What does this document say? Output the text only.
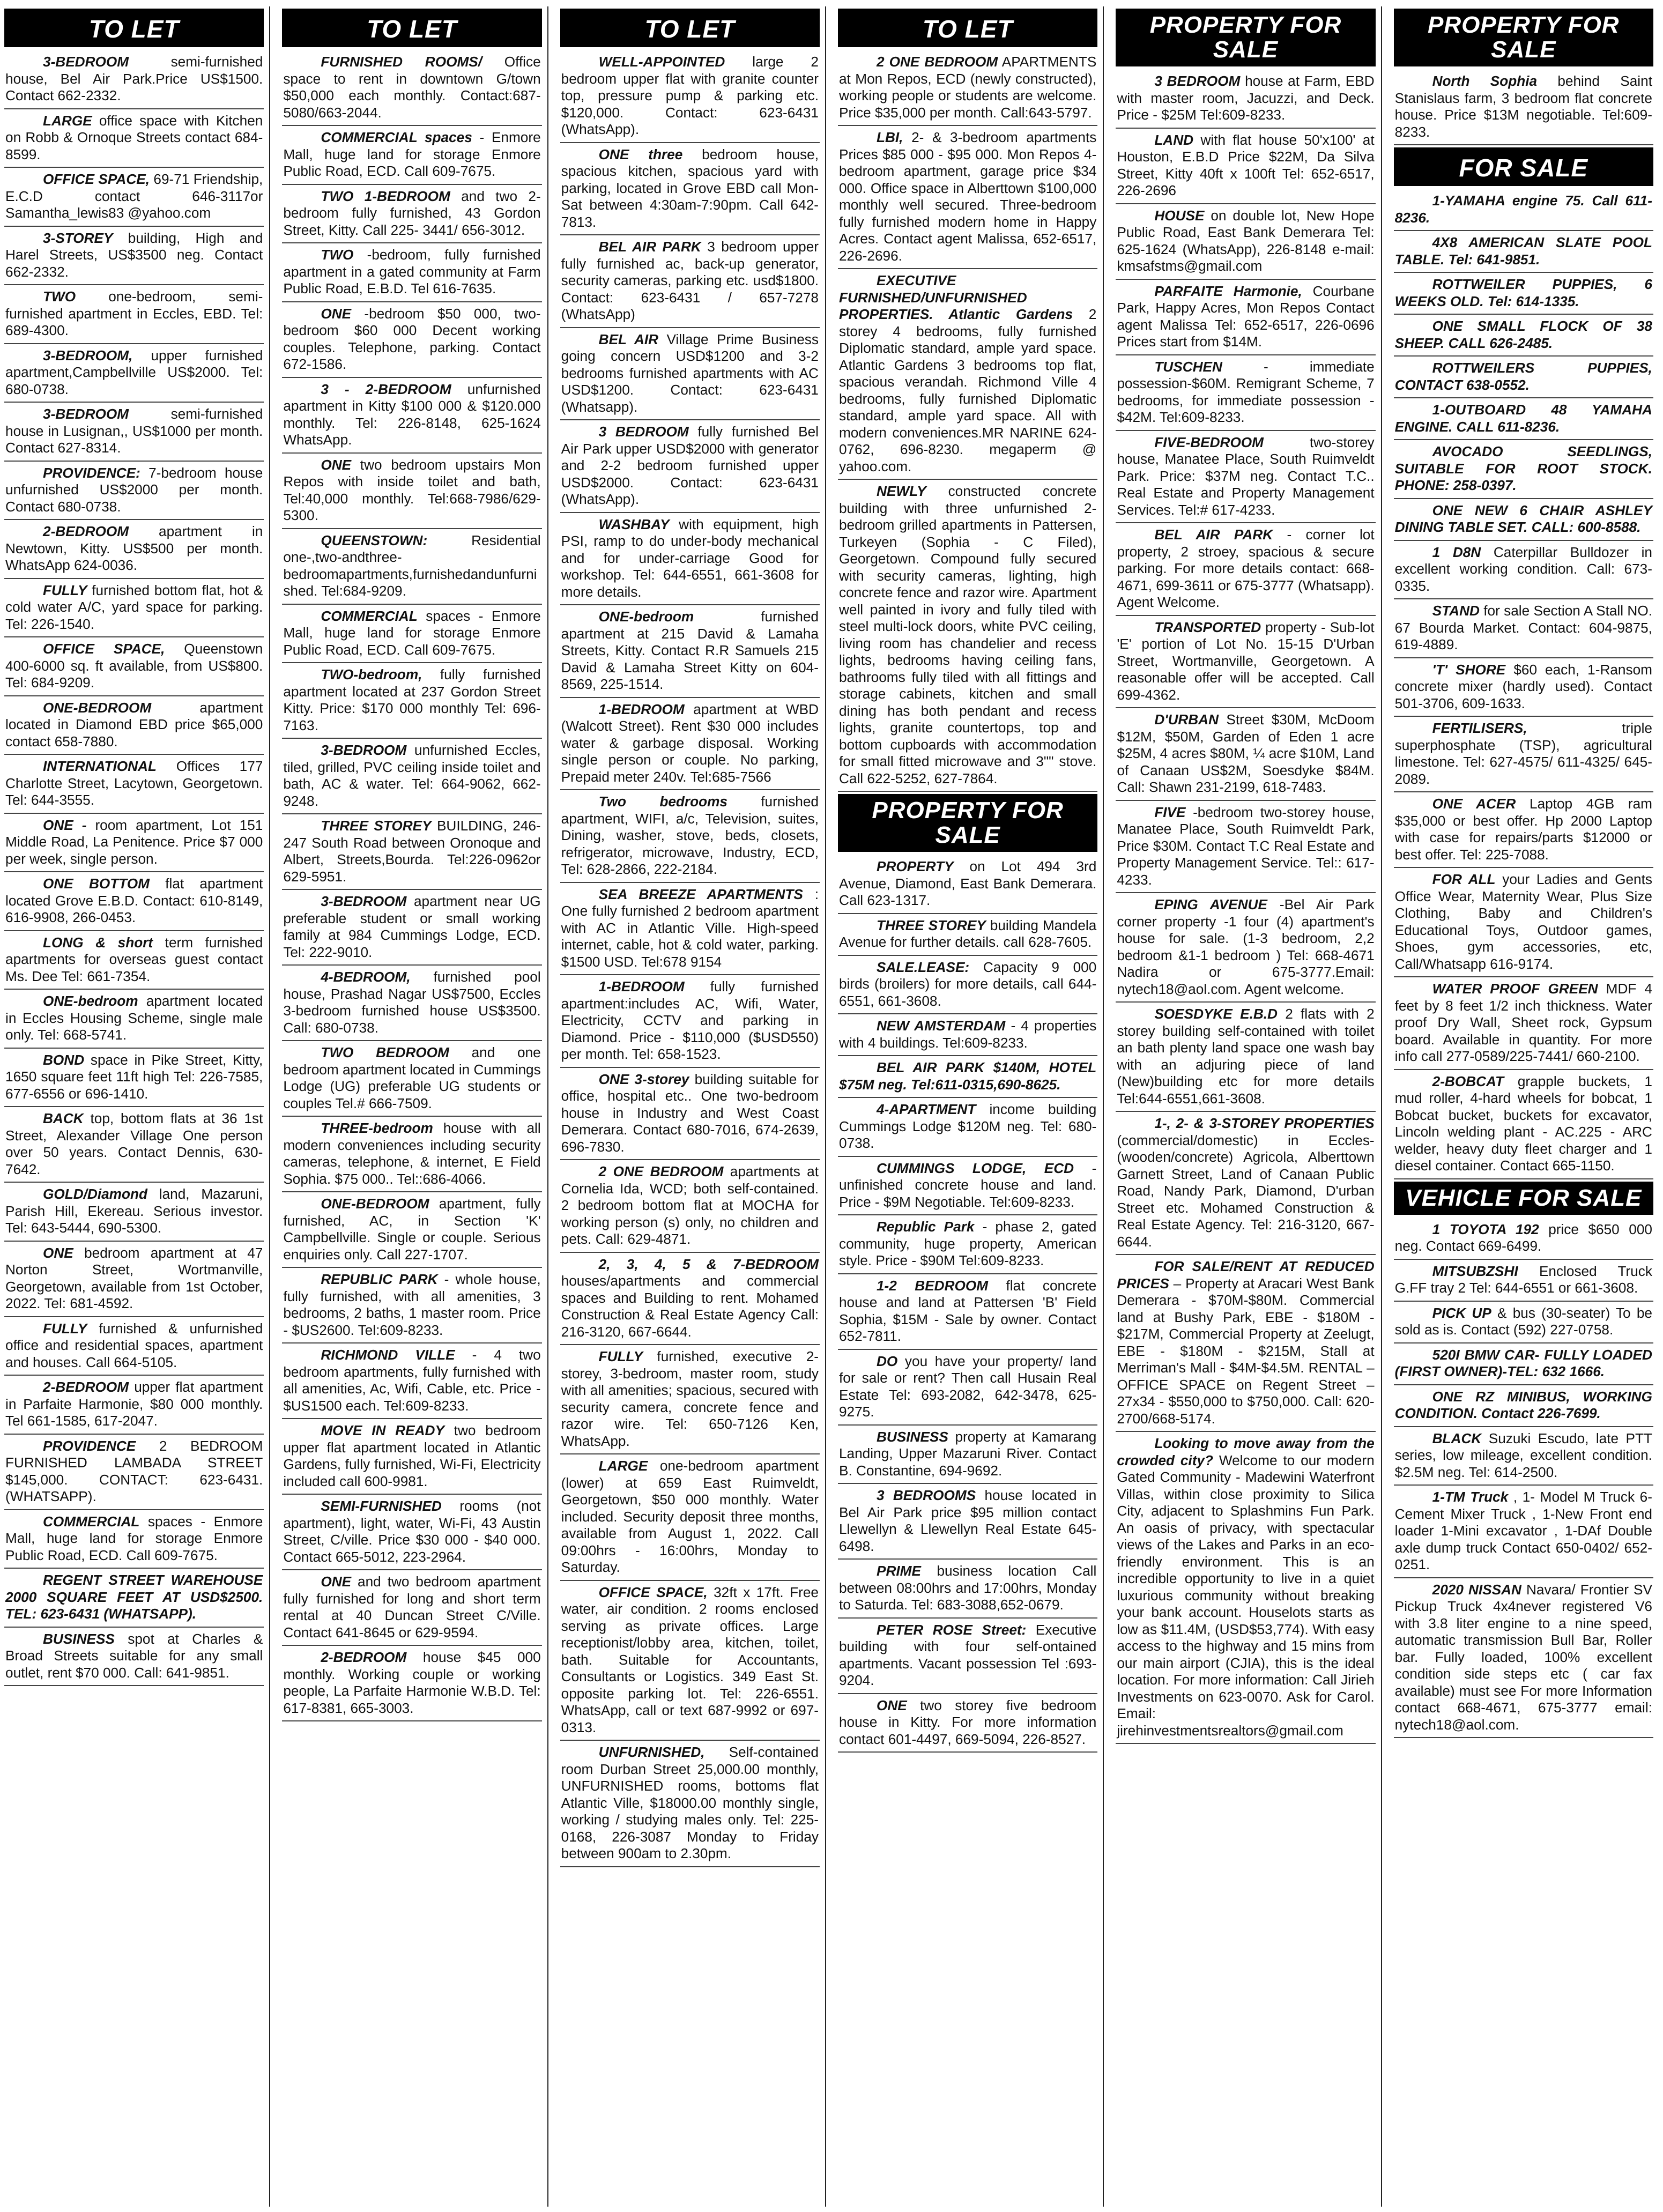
TO LET
3-BEDROOM	semi-furnished house, Bel Air Park.Price US$1500. Contact 662-2332.
LARGE office space with Kitchen on Robb & Ornoque Streets contact 684-8599.
OFFICE SPACE, 69-71 Friendship, E.C.D contact 646-3117or Samantha_lewis83 @yahoo.com
3-STOREY building, High and Harel Streets, US$3500 neg. Contact 662-2332.
TWO one-bedroom, semi-furnished apartment in Eccles, EBD. Tel: 689-4300.
3-BEDROOM, upper furnished apartment,Campbellville US$2000. Tel: 680-0738.
3-BEDROOM	semi-furnished house in Lusignan,, US$1000 per month. Contact 627-8314.
PROVIDENCE: 7-bedroom house unfurnished US$2000 per month. Contact 680-0738.
2-BEDROOM apartment in Newtown, Kitty. US$500 per month. WhatsApp 624-0036.
FULLY furnished bottom flat, hot & cold water A/C, yard space for parking. Tel: 226-1540.
OFFICE SPACE, Queenstown 400-6000 sq. ft available, from US$800. Tel: 684-9209.
ONE-BEDROOM	apartment located in Diamond EBD price $65,000 contact 658-7880.
INTERNATIONAL Offices 177 Charlotte Street, Lacytown, Georgetown. Tel: 644-3555.
ONE - room apartment, Lot 151 Middle Road, La Penitence. Price $7 000 per week, single person.
ONE BOTTOM flat apartment located Grove E.B.D. Contact: 610-8149, 616-9908, 266-0453.
LONG & short term furnished apartments for overseas guest contact Ms. Dee Tel: 661-7354.
ONE-bedroom apartment located in Eccles Housing Scheme, single male only. Tel: 668-5741.
BOND space in Pike Street, Kitty, 1650 square feet 11ft high Tel: 226-7585, 677-6556 or 696-1410.
BACK top, bottom flats at 36 1st Street, Alexander Village One person over 50 years. Contact Dennis, 630-7642.
GOLD/Diamond land, Mazaruni, Parish Hill, Ekereau. Serious investor. Tel: 643-5444, 690-5300.
ONE bedroom apartment at 47 Norton Street, Wortmanville, Georgetown, available from 1st October, 2022. Tel: 681-4592.
FULLY furnished & unfurnished office and residential spaces, apartment and houses. Call 664-5105.
2-BEDROOM upper flat apartment in Parfaite Harmonie, $80 000 monthly. Tel 661-1585, 617-2047.
PROVIDENCE 2 BEDROOM FURNISHED LAMBADA STREET $145,000. CONTACT: 623-6431. (WHATSAPP).
COMMERCIAL spaces - Enmore Mall, huge land for storage Enmore Public Road, ECD. Call 609-7675.
REGENT STREET WAREHOUSE 2000 SQUARE FEET AT USD$2500. TEL: 623-6431 (WHATSAPP).
BUSINESS spot at Charles & Broad Streets suitable for any small outlet, rent $70 000. Call: 641-9851.
TO LET
FURNISHED ROOMS/ Office space to rent in downtown G/town $50,000 each monthly. Contact:687-5080/663-2044.
COMMERCIAL spaces - Enmore Mall, huge land for storage Enmore Public Road, ECD. Call 609-7675.
TWO 1-BEDROOM and two 2-bedroom fully furnished, 43 Gordon Street, Kitty. Call 225- 3441/ 656-3012.
TWO -bedroom, fully furnished apartment in a gated community at Farm Public Road, E.B.D. Tel 616-7635.
ONE -bedroom $50 000, two-bedroom $60 000 Decent working couples. Telephone, parking. Contact 672-1586.
3 - 2-BEDROOM unfurnished apartment in Kitty $100 000 & $120.000 monthly. Tel: 226-8148, 625-1624 WhatsApp.
ONE two bedroom upstairs Mon Repos with inside toilet and bath, Tel:40,000 monthly. Tel:668-7986/629-5300.
QUEENSTOWN:	Residential one-,two-andthree-bedroomapartments,furnishedandunfurnished. Tel:684-9209.
COMMERCIAL spaces - Enmore Mall, huge land for storage Enmore Public Road, ECD. Call 609-7675.
TWO-bedroom, fully furnished apartment located at 237 Gordon Street Kitty. Price: $170 000 monthly Tel: 696-7163.
3-BEDROOM unfurnished Eccles, tiled, grilled, PVC ceiling inside toilet and bath, AC & water. Tel: 664-9062, 662-9248.
THREE STOREY BUILDING, 246-247 South Road between Oronoque and Albert, Streets,Bourda. Tel:226-0962or 629-5951.
3-BEDROOM apartment near UG preferable student or small working family at 984 Cummings Lodge, ECD. Tel: 222-9010.
4-BEDROOM, furnished pool house, Prashad Nagar US$7500, Eccles 3-bedroom furnished house US$3500. Call: 680-0738.
TWO BEDROOM and one bedroom apartment located in Cummings Lodge (UG) preferable UG students or couples Tel.# 666-7509.
THREE-bedroom house with all modern conveniences including security cameras, telephone, & internet, E Field Sophia. $75 000.. Tel::686-4066.
ONE-BEDROOM apartment, fully furnished, AC, in Section 'K' Campbellville. Single or couple. Serious enquiries only. Call 227-1707.
REPUBLIC PARK - whole house, fully furnished, with all amenities, 3 bedrooms, 2 baths, 1 master room. Price - $US2600. Tel:609-8233.
RICHMOND VILLE - 4 two bedroom apartments, fully furnished with all amenities, Ac, Wifi, Cable, etc. Price - $US1500 each. Tel:609-8233.
MOVE IN READY two bedroom upper flat apartment located in Atlantic Gardens, fully furnished, Wi-Fi, Electricity included call 600-9981.
SEMI-FURNISHED rooms (not apartment), light, water, Wi-Fi, 43 Austin Street, C/ville. Price $30 000 - $40 000. Contact 665-5012, 223-2964.
ONE and two bedroom apartment fully furnished for long and short term rental at 40 Duncan Street C/Ville. Contact 641-8645 or 629-9594.
2-BEDROOM house $45 000 monthly. Working couple or working people, La Parfaite Harmonie W.B.D. Tel: 617-8381, 665-3003.
TO LET
WELL-APPOINTED large 2 bedroom upper flat with granite counter top, pressure pump & parking etc. $120,000. Contact: 623-6431 (WhatsApp).
ONE three bedroom house, spacious kitchen, spacious yard with parking, located in Grove EBD call Mon-Sat between 4:30am-7:90pm. Call 642-7813.
BEL AIR PARK 3 bedroom upper fully furnished ac, back-up generator, security cameras, parking etc. usd$1800. Contact: 623-6431 / 657-7278 (WhatsApp)
BEL AIR Village Prime Business going concern USD$1200 and 3-2 bedrooms furnished apartments with AC USD$1200. Contact: 623-6431 (Whatsapp).
3 BEDROOM fully furnished Bel Air Park upper USD$2000 with generator and 2-2 bedroom furnished upper USD$2000. Contact: 623-6431 (WhatsApp).
WASHBAY with equipment, high PSI, ramp to do under-body mechanical and for under-carriage Good for workshop. Tel: 644-6551, 661-3608 for more details.
ONE-bedroom	furnished apartment at 215 David & Lamaha Streets, Kitty. Contact R.R Samuels 215 David & Lamaha Street Kitty on 604-8569, 225-1514.
1-BEDROOM apartment at WBD (Walcott Street). Rent $30 000 includes water & garbage disposal. Working single person or couple. No parking, Prepaid meter 240v. Tel:685-7566
Two bedrooms furnished apartment, WIFI, a/c, Television, suites, Dining, washer, stove, beds, closets, refrigerator, microwave, Industry, ECD, Tel: 628-2866, 222-2184.
SEA BREEZE APARTMENTS : One fully furnished 2 bedroom apartment with AC in Atlantic Ville. High-speed internet, cable, hot & cold water, parking. $1500 USD. Tel:678 9154
1-BEDROOM fully furnished apartment:includes AC, Wifi, Water, Electricity, CCTV and parking in Diamond. Price - $110,000 ($USD550) per month. Tel: 658-1523.
ONE 3-storey building suitable for office, hospital etc.. One two-bedroom house in Industry and West Coast Demerara. Contact 680-7016, 674-2639, 696-7830.
2 ONE BEDROOM apartments at Cornelia Ida, WCD; both self-contained. 2 bedroom bottom flat at MOCHA for working person (s) only, no children and pets. Call: 629-4871.
2, 3, 4, 5 & 7-BEDROOM houses/apartments and commercial spaces and Building to rent. Mohamed Construction & Real Estate Agency Call: 216-3120, 667-6644.
FULLY furnished, executive 2-storey, 3-bedroom, master room, study with all amenities; spacious, secured with security camera, concrete fence and razor wire. Tel: 650-7126 Ken, WhatsApp.
LARGE one-bedroom apartment (lower) at 659 East Ruimveldt, Georgetown, $50 000 monthly. Water included. Security deposit three months, available from August 1, 2022. Call 09:00hrs - 16:00hrs, Monday to Saturday.
OFFICE SPACE, 32ft x 17ft. Free water, air condition. 2 rooms enclosed serving as private offices. Large receptionist/lobby area, kitchen, toilet, bath. Suitable for Accountants, Consultants or Logistics. 349 East St. opposite parking lot. Tel: 226-6551. WhatsApp, call or text 687-9992 or 697-0313.
UNFURNISHED, Self-contained room Durban Street 25,000.00 monthly, UNFURNISHED rooms, bottoms flat Atlantic Ville, $18000.00 monthly single, working / studying males only. Tel: 225-0168, 226-3087 Monday to Friday between 900am to 2.30pm.
TO LET
2 ONE BEDROOM APARTMENTS at Mon Repos, ECD (newly constructed), working people or students are welcome. Price $35,000 per month. Call:643-5797.
LBI, 2- & 3-bedroom apartments Prices $85 000 - $95 000. Mon Repos 4-bedroom apartment, garage price $34 000. Office space in Alberttown $100,000 monthly well secured. Three-bedroom fully furnished modern home in Happy Acres. Contact agent Malissa, 652-6517, 226-2696.
EXECUTIVE FURNISHED/UNFURNISHED PROPERTIES. Atlantic Gardens 2 storey 4 bedrooms, fully furnished Diplomatic standard, ample yard space. Atlantic Gardens 3 bedrooms top flat, spacious verandah. Richmond Ville 4 bedrooms, fully furnished Diplomatic standard, ample yard space. All with modern conveniences.MR NARINE 624-0762, 696-8230. megaperm @ yahoo.com.
NEWLY constructed concrete building with three unfurnished 2-bedroom grilled apartments in Pattersen, Turkeyen (Sophia - C Filed), Georgetown. Compound fully secured with security cameras, lighting, high concrete fence and razor wire. Apartment well painted in ivory and fully tiled with steel multi-lock doors, white PVC ceiling, living room has chandelier and recess lights, bedrooms having ceiling fans, bathrooms fully tiled with all fittings and storage cabinets, kitchen and small dining has both pendant and recess lights, granite countertops, top and bottom cupboards with accommodation for small fitted microwave and 3"" stove. Call 622-5252, 627-7864.
PROPERTY FOR SALE
PROPERTY on Lot 494 3rd Avenue, Diamond, East Bank Demerara. Call 623-1317.
THREE STOREY building Mandela Avenue for further details. call 628-7605.
SALE.LEASE: Capacity 9 000 birds (broilers) for more details, call 644-6551, 661-3608.
NEW AMSTERDAM - 4 properties with 4 buildings. Tel:609-8233.
BEL AIR PARK $140M, HOTEL $75M neg. Tel:611-0315,690-8625.
4-APARTMENT income building Cummings Lodge $120M neg. Tel: 680-0738.
CUMMINGS LODGE, ECD - unfinished concrete house and land. Price - $9M Negotiable. Tel:609-8233.
Republic Park - phase 2, gated community, huge property, American style. Price - $90M Tel:609-8233.
1-2 BEDROOM flat concrete house and land at Pattersen 'B' Field Sophia, $15M - Sale by owner. Contact 652-7811.
DO you have your property/ land for sale or rent? Then call Husain Real Estate Tel: 693-2082, 642-3478, 625-9275.
BUSINESS property at Kamarang Landing, Upper Mazaruni River. Contact B. Constantine, 694-9692.
3 BEDROOMS house located in Bel Air Park price $95 million contact Llewellyn & Llewellyn Real Estate 645-6498.
PRIME business location Call between 08:00hrs and 17:00hrs, Monday to Saturda. Tel: 683-3088,652-0679.
PETER ROSE Street: Executive building with four self-ontained apartments. Vacant possession Tel :693-9204.
ONE two storey five bedroom house in Kitty. For more information contact 601-4497, 669-5094, 226-8527.
PROPERTY FOR SALE
3 BEDROOM house at Farm, EBD with master room, Jacuzzi, and Deck. Price - $25M Tel:609-8233.
LAND with flat house 50'x100' at Houston, E.B.D Price $22M, Da Silva Street, Kitty 40ft x 100ft Tel: 652-6517, 226-2696
HOUSE on double lot, New Hope Public Road, East Bank Demerara Tel: 625-1624 (WhatsApp), 226-8148 e-mail: kmsafstms@gmail.com
PARFAITE Harmonie, Courbane Park, Happy Acres, Mon Repos Contact agent Malissa Tel: 652-6517, 226-0696 Prices start from $14M.
TUSCHEN	- immediate possession-$60M. Remigrant Scheme, 7 bedrooms, for immediate possession - $42M. Tel:609-8233.
FIVE-BEDROOM	two-storey house, Manatee Place, South Ruimveldt Park. Price: $37M neg. Contact T.C.. Real Estate and Property Management Services. Tel:# 617-4233.
BEL AIR PARK - corner lot property, 2 stroey, spacious & secure parking. For more details contact: 668-4671, 699-3611 or 675-3777 (Whatsapp). Agent Welcome.
TRANSPORTED property - Sub-lot 'E' portion of Lot No. 15-15 D'Urban Street, Wortmanville, Georgetown. A reasonable offer will be accepted. Call 699-4362.
D'URBAN Street $30M, McDoom $12M, $50M, Garden of Eden 1 acre $25M, 4 acres $80M, ¼ acre $10M, Land of Canaan US$2M, Soesdyke $84M. Call: Shawn 231-2199, 618-7483.
FIVE -bedroom two-storey house, Manatee Place, South Ruimveldt Park, Price $30M. Contact T.C Real Estate and Property Management Service. Tel:: 617-4233.
EPING AVENUE -Bel Air Park corner property -1 four (4) apartment's house for sale. (1-3 bedroom, 2,2 bedroom &1-1 bedroom ) Tel: 668-4671 Nadira or 675-3777.Email: nytech18@aol.com. Agent welcome.
SOESDYKE E.B.D 2 flats with 2 storey building self-contained with toilet an bath plenty land space one wash bay with an adjuring piece of land (New)building etc for more details Tel:644-6551,661-3608.
1-, 2- & 3-STOREY PROPERTIES (commercial/domestic) in Eccles-(wooden/concrete) Agricola, Alberttown Garnett Street, Land of Canaan Public Road, Nandy Park, Diamond, D'urban Street etc. Mohamed Construction & Real Estate Agency. Tel: 216-3120, 667-6644.
FOR SALE/RENT AT REDUCED PRICES – Property at Aracari West Bank Demerara - $70M-$80M. Commercial land at Bushy Park, EBE - $180M - $217M, Commercial Property at Zeelugt, EBE - $180M - $215M, Stall at Merriman's Mall - $4M-$4.5M. RENTAL – OFFICE SPACE on Regent Street – 27x34 - $550,000 to $750,000. Call: 620-2700/668-5174.
Looking to move away from the crowded city? Welcome to our modern Gated Community - Madewini Waterfront Villas, within close proximity to Silica City, adjacent to Splashmins Fun Park. An oasis of privacy, with spectacular views of the Lakes and Parks in an eco-friendly environment. This is an incredible opportunity to live in a quiet luxurious community without breaking your bank account. Houselots starts as low as $11.4M, (USD$53,774). With easy access to the highway and 15 mins from our main airport (CJIA), this is the ideal location. For more information: Call Jirieh Investments on 623-0070. Ask for Carol. Email: jirehinvestmentsrealtors@gmail.com
PROPERTY FOR SALE
North Sophia behind Saint Stanislaus farm, 3 bedroom flat concrete house. Price $13M negotiable. Tel:609-8233.
FOR SALE
1-YAMAHA engine 75. Call 611-8236.
4X8 AMERICAN SLATE POOL TABLE. Tel: 641-9851.
ROTTWEILER PUPPIES, 6 WEEKS OLD. Tel: 614-1335.
ONE SMALL FLOCK OF 38 SHEEP. CALL 626-2485.
ROTTWEILERS PUPPIES, CONTACT 638-0552.
1-OUTBOARD 48 YAMAHA ENGINE. CALL 611-8236.
AVOCADO SEEDLINGS, SUITABLE FOR ROOT STOCK. PHONE: 258-0397.
ONE NEW 6 CHAIR ASHLEY DINING TABLE SET. CALL: 600-8588.
1 D8N Caterpillar Bulldozer in excellent working condition. Call: 673-0335.
STAND for sale Section A Stall NO. 67 Bourda Market. Contact: 604-9875, 619-4889.
'T' SHORE $60 each, 1-Ransom concrete mixer (hardly used). Contact 501-3706, 609-1633.
FERTILISERS,	triple superphosphate (TSP), agricultural limestone. Tel: 627-4575/ 611-4325/ 645-2089.
ONE ACER Laptop 4GB ram $35,000 or best offer. Hp 2000 Laptop with case for repairs/parts $12000 or best offer. Tel: 225-7088.
FOR ALL your Ladies and Gents Office Wear, Maternity Wear, Plus Size Clothing, Baby and Children's Educational Toys, Outdoor games, Shoes, gym accessories, etc, Call/Whatsapp 616-9174.
WATER PROOF GREEN MDF 4 feet by 8 feet 1/2 inch thickness. Water proof Dry Wall, Sheet rock, Gypsum board. Available in quantity. For more info call 277-0589/225-7441/ 660-2100.
2-BOBCAT grapple buckets, 1 mud roller, 4-hard wheels for bobcat, 1 Bobcat bucket, buckets for excavator, Lincoln welding plant - AC.225 - ARC welder, heavy duty fleet charger and 1 diesel container. Contact 665-1150.
VEHICLE FOR SALE
1 TOYOTA 192 price $650 000 neg. Contact 669-6499.
MITSUBZSHI Enclosed Truck G.FF tray 2 Tel: 644-6551 or 661-3608.
PICK UP & bus (30-seater) To be sold as is. Contact (592) 227-0758.
520I BMW CAR- FULLY LOADED (FIRST OWNER)-TEL: 632 1666.
ONE RZ MINIBUS, WORKING CONDITION. Contact 226-7699.
BLACK Suzuki Escudo, late PTT series, low mileage, excellent condition. $2.5M neg. Tel: 614-2500.
1-TM Truck , 1- Model M Truck 6-Cement Mixer Truck , 1-New Front end loader 1-Mini excavator , 1-DAf Double axle dump truck Contact 650-0402/ 652-0251.
2020 NISSAN Navara/ Frontier SV Pickup Truck 4x4never registered V6 with 3.8 liter engine to a nine speed, automatic transmission Bull Bar, Roller bar. Fully loaded, 100% excellent condition side steps etc ( car fax available) must see For more Information contact 668-4671, 675-3777 email: nytech18@aol.com.
